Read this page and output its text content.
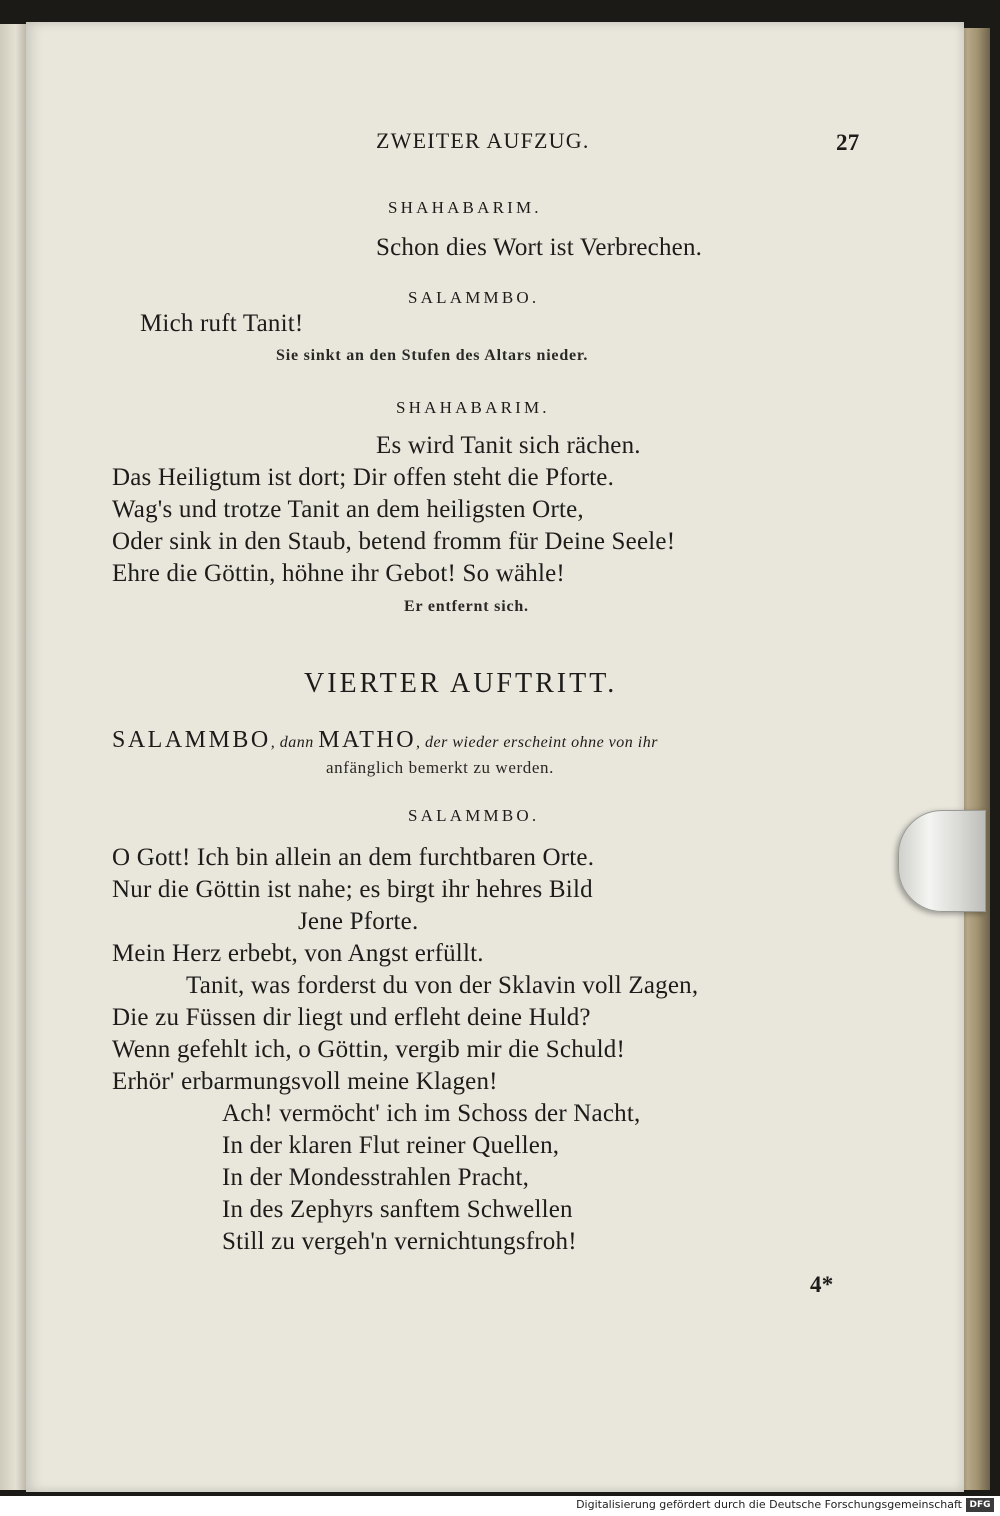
ZWEITER AUFZUG.	27
SHAHABARIM.
Schon dies Wort ist Verbrechen.
SALAMMBO.
Mich ruft Tanit!
Sie sinkt an den Stufen des Altars nieder.
SHAHABARIM.
Es wird Tanit sich rächen.
Das Heiligtum ist dort; Dir offen steht die Pforte.
Wag's und trotze Tanit an dem heiligsten Orte,
Oder sink in den Staub, betend fromm für Deine Seele!
Ehre die Göttin, höhne ihr Gebot! So wähle!
Er entfernt sich.
VIERTER AUFTRITT.
SALAMMBO, dann MATHO, der wieder erscheint ohne von ihr
anfänglich bemerkt zu werden.
SALAMMBO.
O Gott! Ich bin allein an dem furchtbaren Orte.
Nur die Göttin ist nahe; es birgt ihr hehres Bild
Jene Pforte.
Mein Herz erbebt, von Angst erfüllt.
Tanit, was forderst du von der Sklavin voll Zagen,
Die zu Füssen dir liegt und erfleht deine Huld?
Wenn gefehlt ich, o Göttin, vergib mir die Schuld!
Erhör' erbarmungsvoll meine Klagen!
Ach! vermöcht' ich im Schoss der Nacht,
In der klaren Flut reiner Quellen,
In der Mondesstrahlen Pracht,
In des Zephyrs sanftem Schwellen
Still zu vergeh'n vernichtungsfroh!
4*
Digitalisierung gefördert durch die Deutsche Forschungsgemeinschaft DFG
